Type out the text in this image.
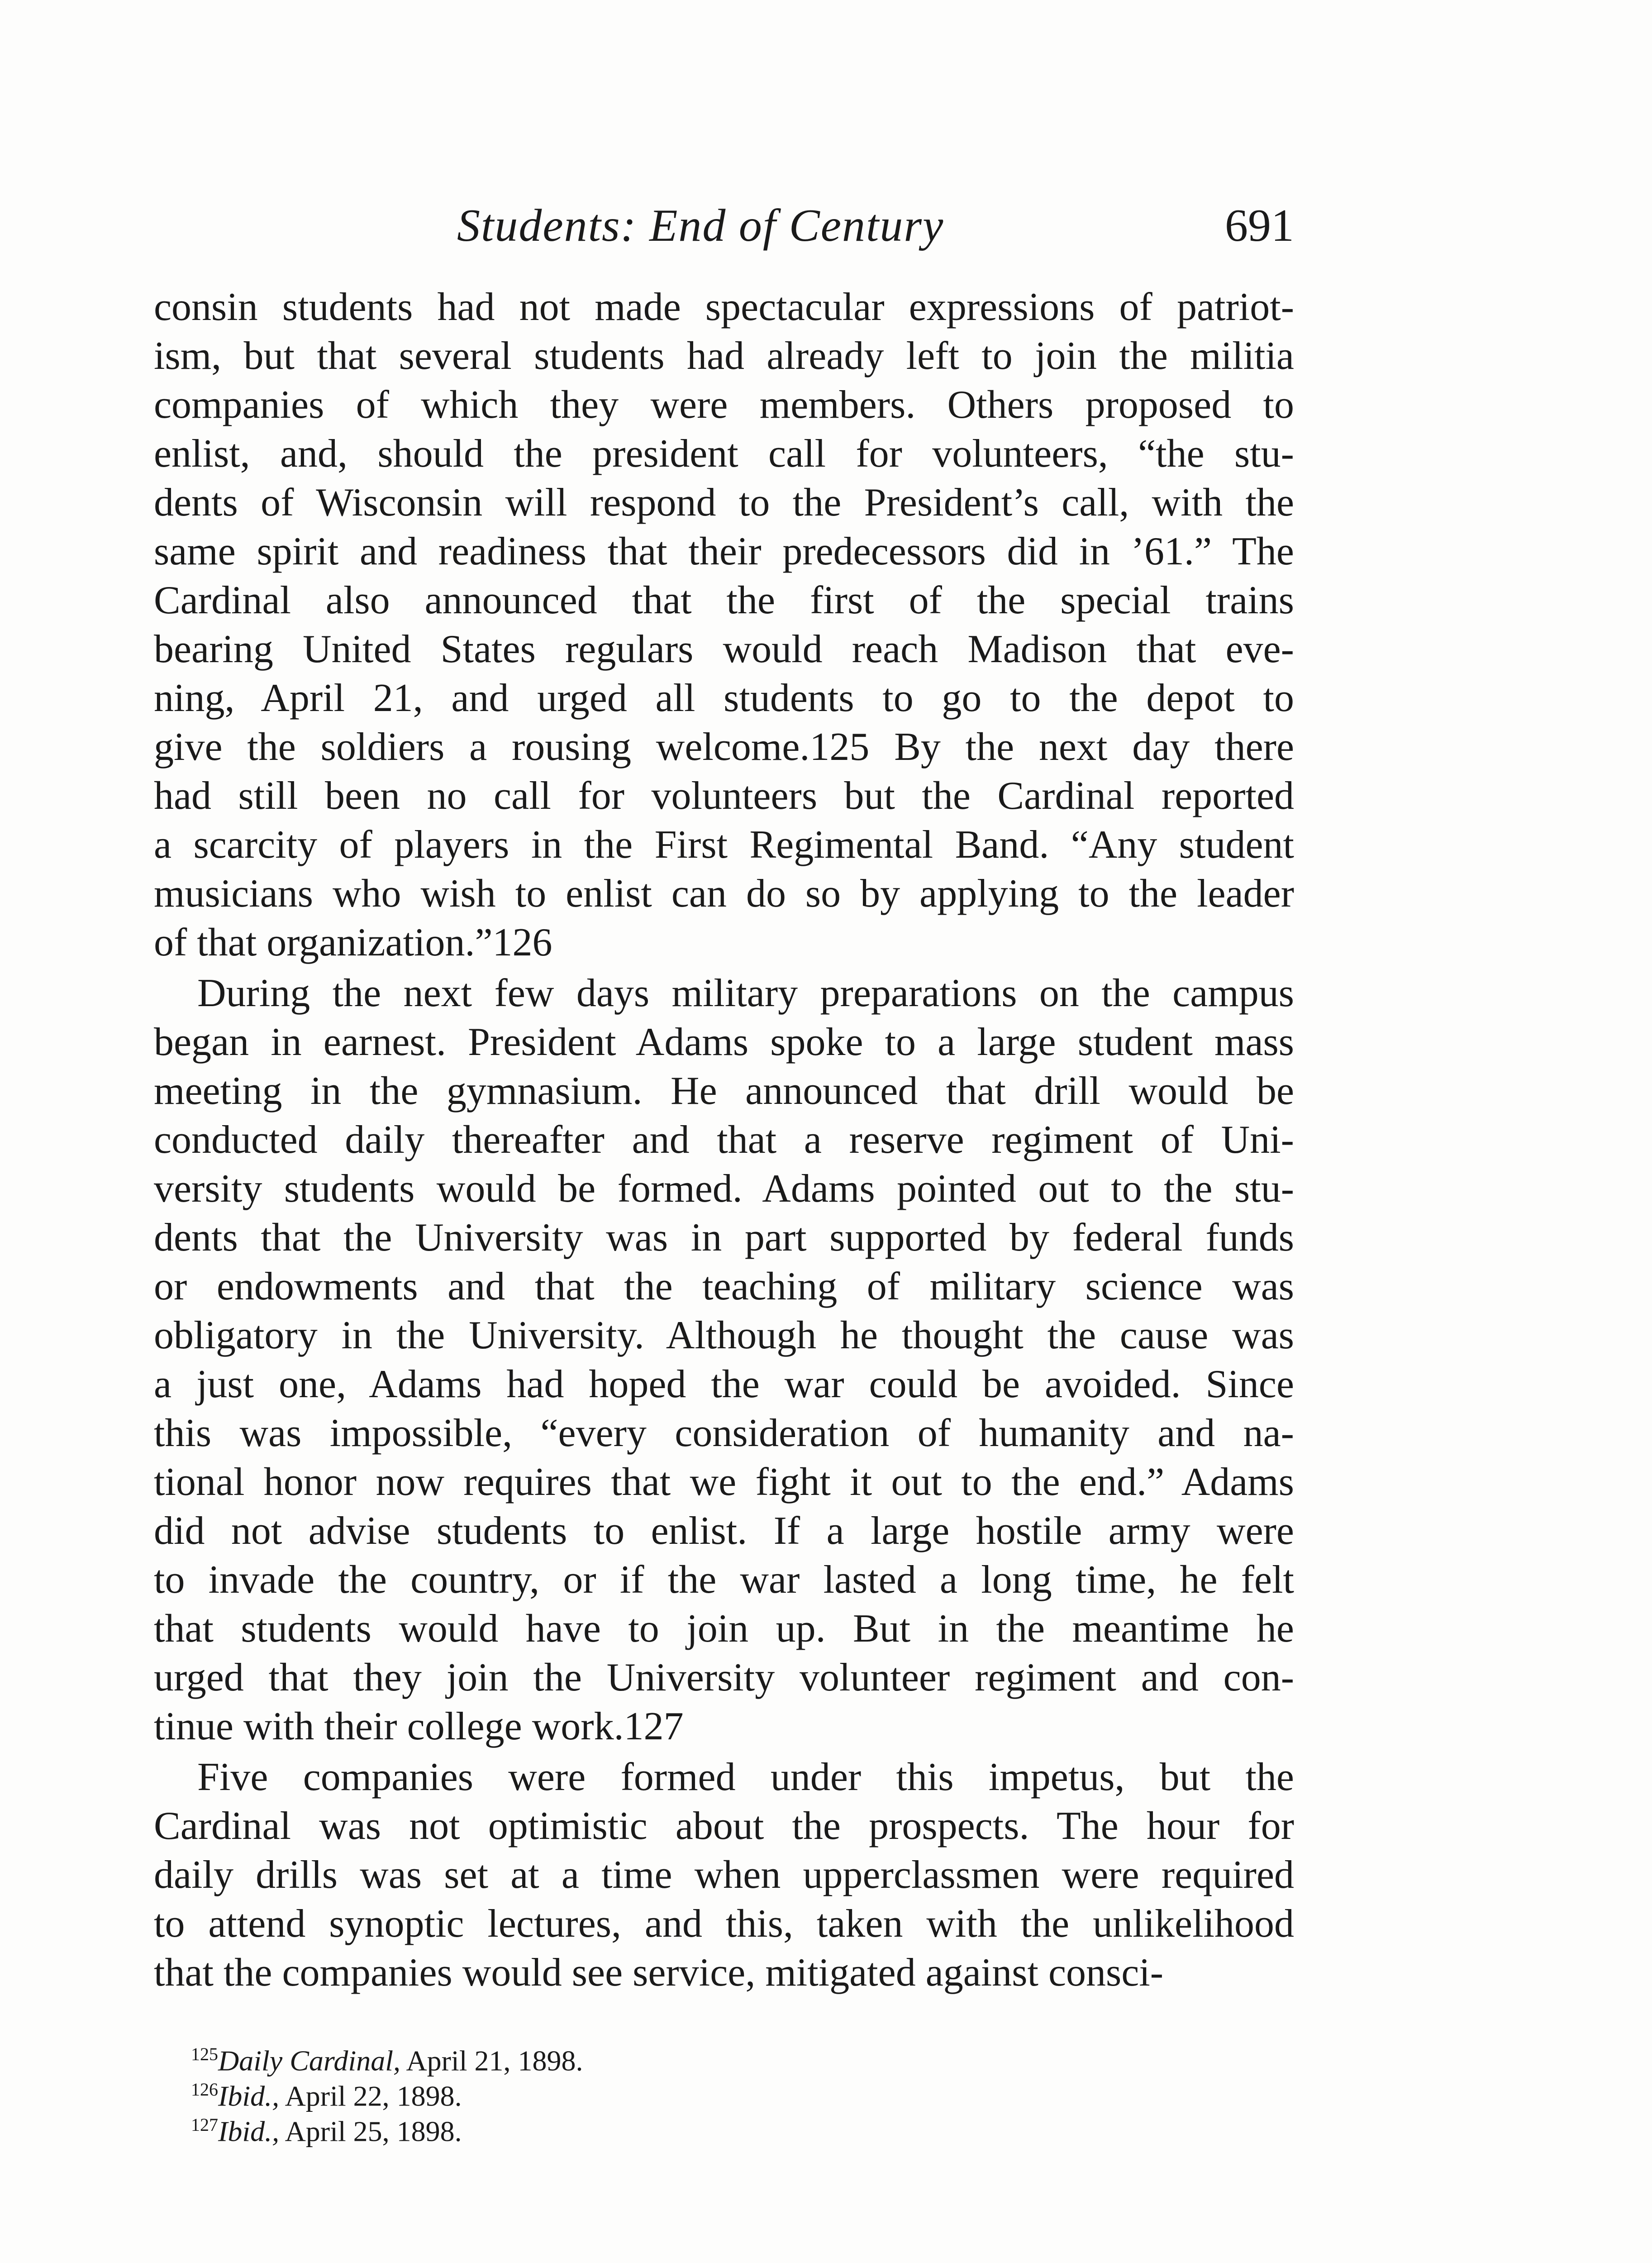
Students: End of Century	691
consin students had not made spectacular expressions of patriot-
ism, but that several students had already left to join the militia
companies of which they were members. Others proposed to
enlist, and, should the president call for volunteers, “the stu-
dents of Wisconsin will respond to the President’s call, with the
same spirit and readiness that their predecessors did in ’61.” The
Cardinal also announced that the first of the special trains
bearing United States regulars would reach Madison that eve-
ning, April 21, and urged all students to go to the depot to
give the soldiers a rousing welcome.125 By the next day there
had still been no call for volunteers but the Cardinal reported
a scarcity of players in the First Regimental Band. “Any student
musicians who wish to enlist can do so by applying to the leader
of that organization.”126
During the next few days military preparations on the campus
began in earnest. President Adams spoke to a large student mass
meeting in the gymnasium. He announced that drill would be
conducted daily thereafter and that a reserve regiment of Uni-
versity students would be formed. Adams pointed out to the stu-
dents that the University was in part supported by federal funds
or endowments and that the teaching of military science was
obligatory in the University. Although he thought the cause was
a just one, Adams had hoped the war could be avoided. Since
this was impossible, “every consideration of humanity and na-
tional honor now requires that we fight it out to the end.” Adams
did not advise students to enlist. If a large hostile army were
to invade the country, or if the war lasted a long time, he felt
that students would have to join up. But in the meantime he
urged that they join the University volunteer regiment and con-
tinue with their college work.127
Five companies were formed under this impetus, but the
Cardinal was not optimistic about the prospects. The hour for
daily drills was set at a time when upperclassmen were required
to attend synoptic lectures, and this, taken with the unlikelihood
that the companies would see service, mitigated against consci-
$^{125}$Daily Cardinal, April 21, 1898.
$^{126}$Ibid., April 22, 1898.
$^{127}$Ibid., April 25, 1898.
